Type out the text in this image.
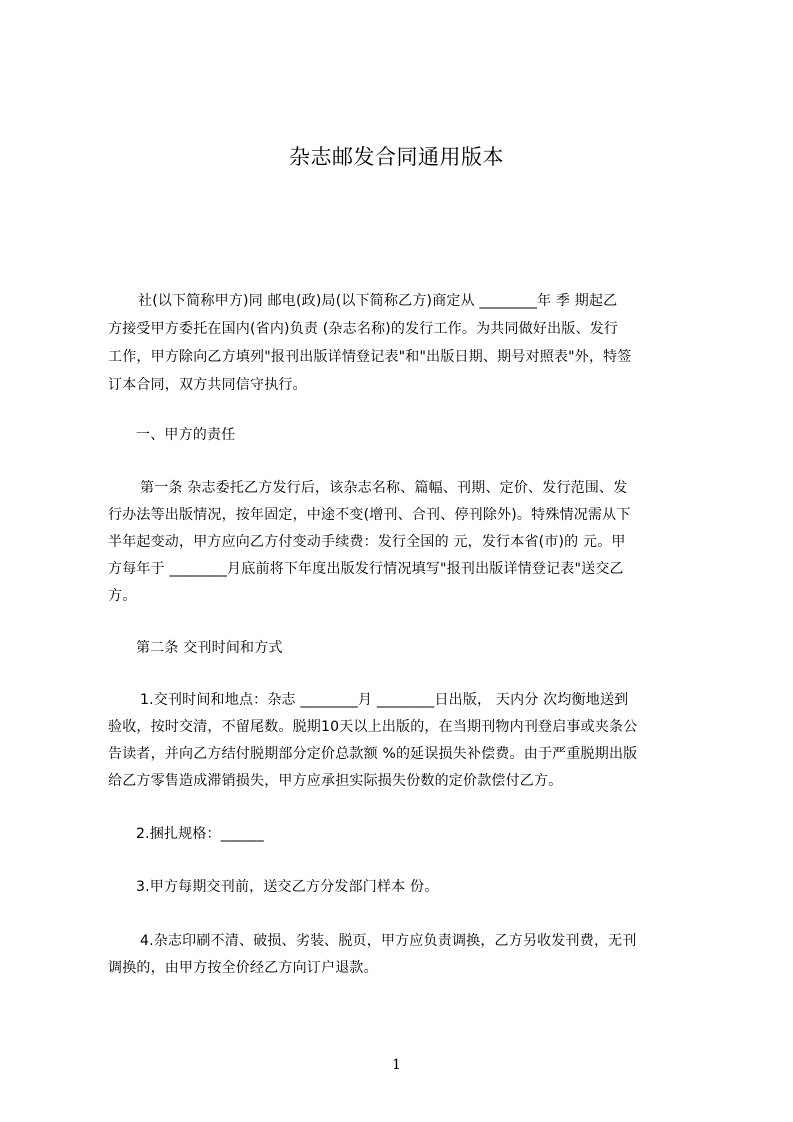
杂志邮发合同通用版本
社(以下简称甲方)同 邮电(政)局(以下简称乙方)商定从 ________年 季 期起乙
方接受甲方委托在国内(省内)负责 (杂志名称)的发行工作。为共同做好出版、发行
工作，甲方除向乙方填列"报刊出版详情登记表"和"出版日期、期号对照表"外，特签
订本合同，双方共同信守执行。
一、甲方的责任
第一条 杂志委托乙方发行后，该杂志名称、篇幅、刊期、定价、发行范围、发
行办法等出版情况，按年固定，中途不变(增刊、合刊、停刊除外)。特殊情况需从下
半年起变动，甲方应向乙方付变动手续费：发行全国的 元，发行本省(市)的 元。甲
方每年于 ________月底前将下年度出版发行情况填写"报刊出版详情登记表"送交乙
方。
第二条 交刊时间和方式
1.交刊时间和地点：杂志 ________月 ________日出版， 天内分 次均衡地送到
验收，按时交清，不留尾数。脱期10天以上出版的，在当期刊物内刊登启事或夹条公
告读者，并向乙方结付脱期部分定价总款额 %的延误损失补偿费。由于严重脱期出版
给乙方零售造成滞销损失，甲方应承担实际损失份数的定价款偿付乙方。
2.捆扎规格：______
3.甲方每期交刊前，送交乙方分发部门样本 份。
4.杂志印刷不清、破损、劣装、脱页，甲方应负责调换，乙方另收发刊费，无刊
调换的，由甲方按全价经乙方向订户退款。
1
